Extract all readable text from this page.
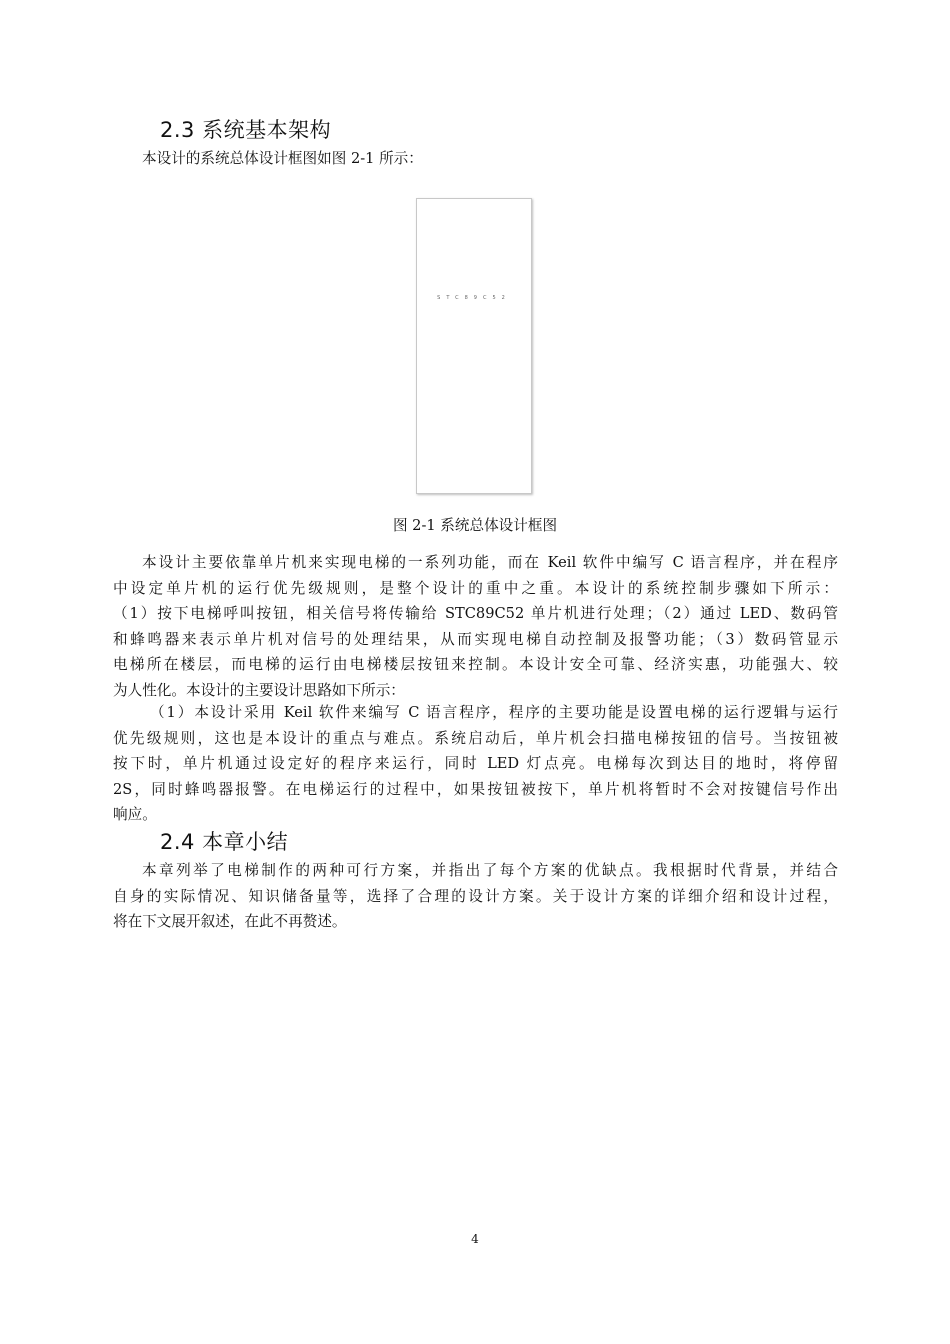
2.3 系统基本架构
本设计的系统总体设计框图如图 2-1 所示：
STC89C52
图 2-1 系统总体设计框图
本设计主要依靠单片机来实现电梯的一系列功能，而在 Keil 软件中编写 C 语言程序，并在程序
中设定单片机的运行优先级规则，是整个设计的重中之重。本设计的系统控制步骤如下所示：
（1）按下电梯呼叫按钮，相关信号将传输给 STC89C52 单片机进行处理；（2）通过 LED、数码管
和蜂鸣器来表示单片机对信号的处理结果，从而实现电梯自动控制及报警功能；（3）数码管显示
电梯所在楼层，而电梯的运行由电梯楼层按钮来控制。本设计安全可靠、经济实惠，功能强大、较
为人性化。本设计的主要设计思路如下所示：
（1）本设计采用 Keil 软件来编写 C 语言程序，程序的主要功能是设置电梯的运行逻辑与运行
优先级规则，这也是本设计的重点与难点。系统启动后，单片机会扫描电梯按钮的信号。当按钮被
按下时，单片机通过设定好的程序来运行，同时 LED 灯点亮。电梯每次到达目的地时，将停留
2S，同时蜂鸣器报警。在电梯运行的过程中，如果按钮被按下，单片机将暂时不会对按键信号作出
响应。
2.4 本章小结
本章列举了电梯制作的两种可行方案，并指出了每个方案的优缺点。我根据时代背景，并结合
自身的实际情况、知识储备量等，选择了合理的设计方案。关于设计方案的详细介绍和设计过程，
将在下文展开叙述，在此不再赘述。
4
